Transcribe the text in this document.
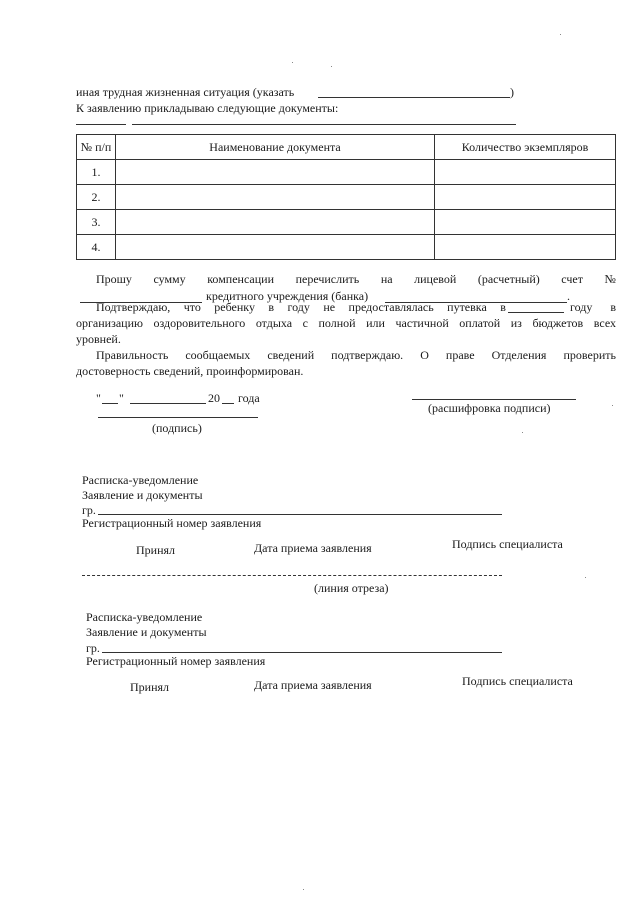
иная трудная жизненная ситуация (указать	)
К заявлению прикладываю следующие документы:
№ п/п	Наименование документа	Количество экземпляров
1.		
2.		
3.		
4.		
Прошу сумму компенсации перечислить на лицевой (расчетный) счет №
кредитного учреждения (банка)	.
Подтверждаю, что ребенку в году не предоставлялась путевка в	году в
организацию оздоровительного отдыха с полной или частичной оплатой из бюджетов всех
уровней.
Правильность сообщаемых сведений подтверждаю. О праве Отделения проверить
достоверность сведений, проинформирован.
" "	20 года
(подпись)
(расшифровка подписи)
Расписка-уведомление
Заявление и документы
гр.
Регистрационный номер заявления
Принял	Дата приема заявления	Подпись специалиста
(линия отреза)
Расписка-уведомление
Заявление и документы
гр.
Регистрационный номер заявления
Принял	Дата приема заявления	Подпись специалиста
